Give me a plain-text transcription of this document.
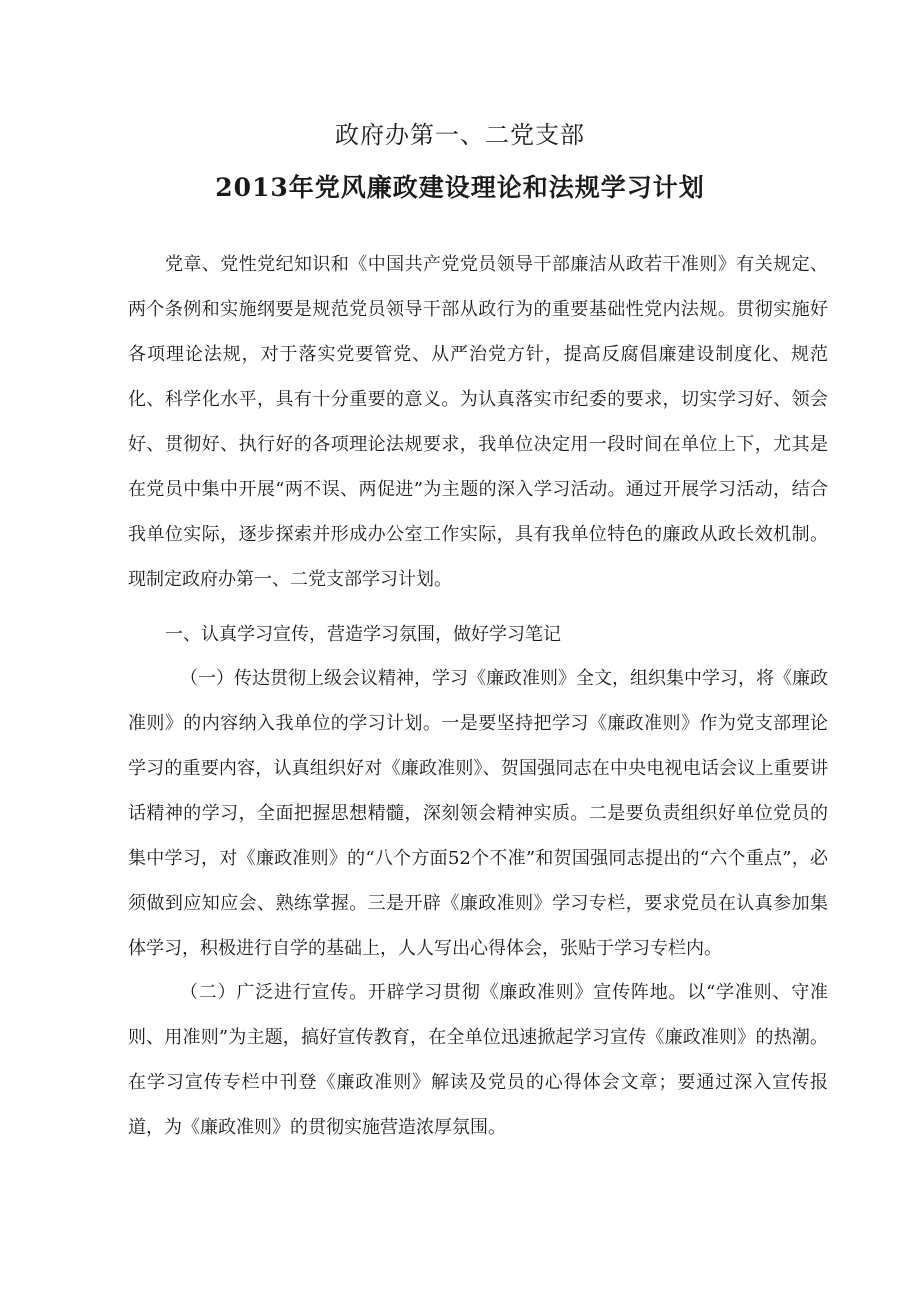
政府办第一、二党支部
2013年党风廉政建设理论和法规学习计划

党章、党性党纪知识和《中国共产党党员领导干部廉洁从政若干准则》有关规定、两个条例和实施纲要是规范党员领导干部从政行为的重要基础性党内法规。贯彻实施好各项理论法规，对于落实党要管党、从严治党方针，提高反腐倡廉建设制度化、规范化、科学化水平，具有十分重要的意义。为认真落实市纪委的要求，切实学习好、领会好、贯彻好、执行好的各项理论法规要求，我单位决定用一段时间在单位上下，尤其是在党员中集中开展“两不误、两促进”为主题的深入学习活动。通过开展学习活动，结合我单位实际，逐步探索并形成办公室工作实际，具有我单位特色的廉政从政长效机制。现制定政府办第一、二党支部学习计划。

一、认真学习宣传，营造学习氛围，做好学习笔记

（一）传达贯彻上级会议精神，学习《廉政准则》全文，组织集中学习，将《廉政准则》的内容纳入我单位的学习计划。一是要坚持把学习《廉政准则》作为党支部理论学习的重要内容，认真组织好对《廉政准则》、贺国强同志在中央电视电话会议上重要讲话精神的学习，全面把握思想精髓，深刻领会精神实质。二是要负责组织好单位党员的集中学习，对《廉政准则》的“八个方面52个不准”和贺国强同志提出的“六个重点”，必须做到应知应会、熟练掌握。三是开辟《廉政准则》学习专栏，要求党员在认真参加集体学习，积极进行自学的基础上，人人写出心得体会，张贴于学习专栏内。

（二）广泛进行宣传。开辟学习贯彻《廉政准则》宣传阵地。以“学准则、守准则、用准则”为主题，搞好宣传教育，在全单位迅速掀起学习宣传《廉政准则》的热潮。在学习宣传专栏中刊登《廉政准则》解读及党员的心得体会文章；要通过深入宣传报道，为《廉政准则》的贯彻实施营造浓厚氛围。
